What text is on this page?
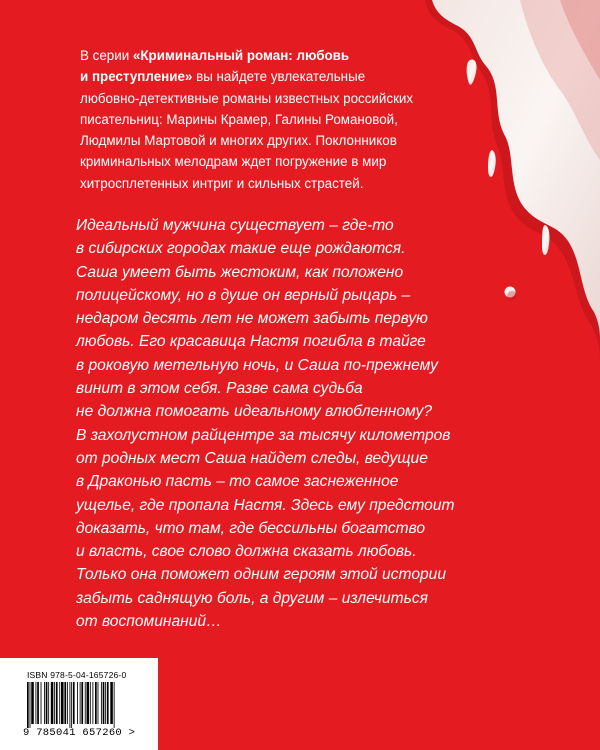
В серии «Криминальный роман: любовь
и преступление» вы найдете увлекательные
любовно-детективные романы известных российских
писательниц: Марины Крамер, Галины Романовой,
Людмилы Мартовой и многих других. Поклонников
криминальных мелодрам ждет погружение в мир
хитросплетенных интриг и сильных страстей.
Идеальный мужчина существует – где-то
в сибирских городах такие еще рождаются.
Саша умеет быть жестоким, как положено
полицейскому, но в душе он верный рыцарь –
недаром десять лет не может забыть первую
любовь. Его красавица Настя погибла в тайге
в роковую метельную ночь, и Саша по-прежнему
винит в этом себя. Разве сама судьба
не должна помогать идеальному влюбленному?
В захолустном райцентре за тысячу километров
от родных мест Саша найдет следы, ведущие
в Драконью пасть – то самое заснеженное
ущелье, где пропала Настя. Здесь ему предстоит
доказать, что там, где бессильны богатство
и власть, свое слово должна сказать любовь.
Только она поможет одним героям этой истории
забыть саднящую боль, а другим – излечиться
от воспоминаний…
ISBN 978-5-04-165726-0
9 785041 657260 >
